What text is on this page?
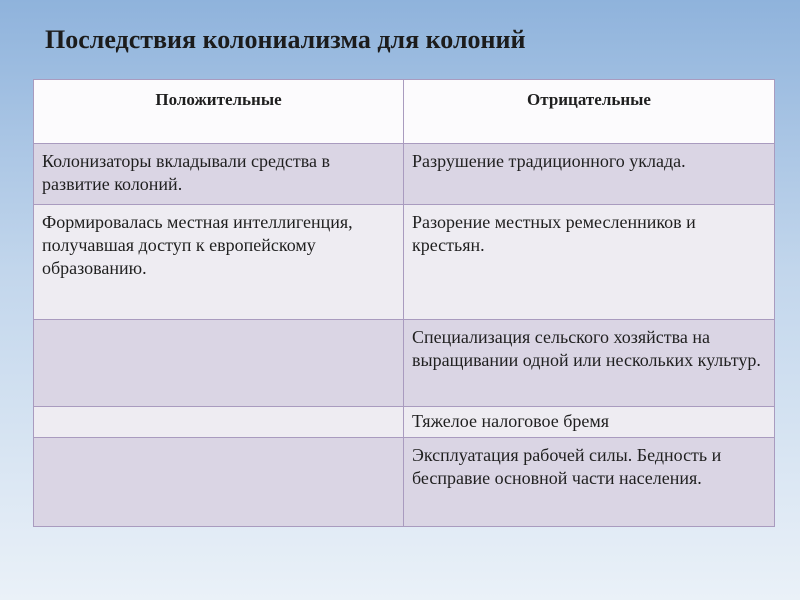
Последствия колониализма для колоний
Положительные	Отрицательные
Колонизаторы вкладывали средства в развитие колоний.	Разрушение традиционного уклада.
Формировалась местная интеллигенция, получавшая доступ к европейскому образованию.	Разорение местных ремесленников и крестьян.
	Специализация сельского хозяйства на выращивании одной или нескольких культур.
	Тяжелое налоговое бремя
	Эксплуатация рабочей силы. Бедность и бесправие основной части населения.
